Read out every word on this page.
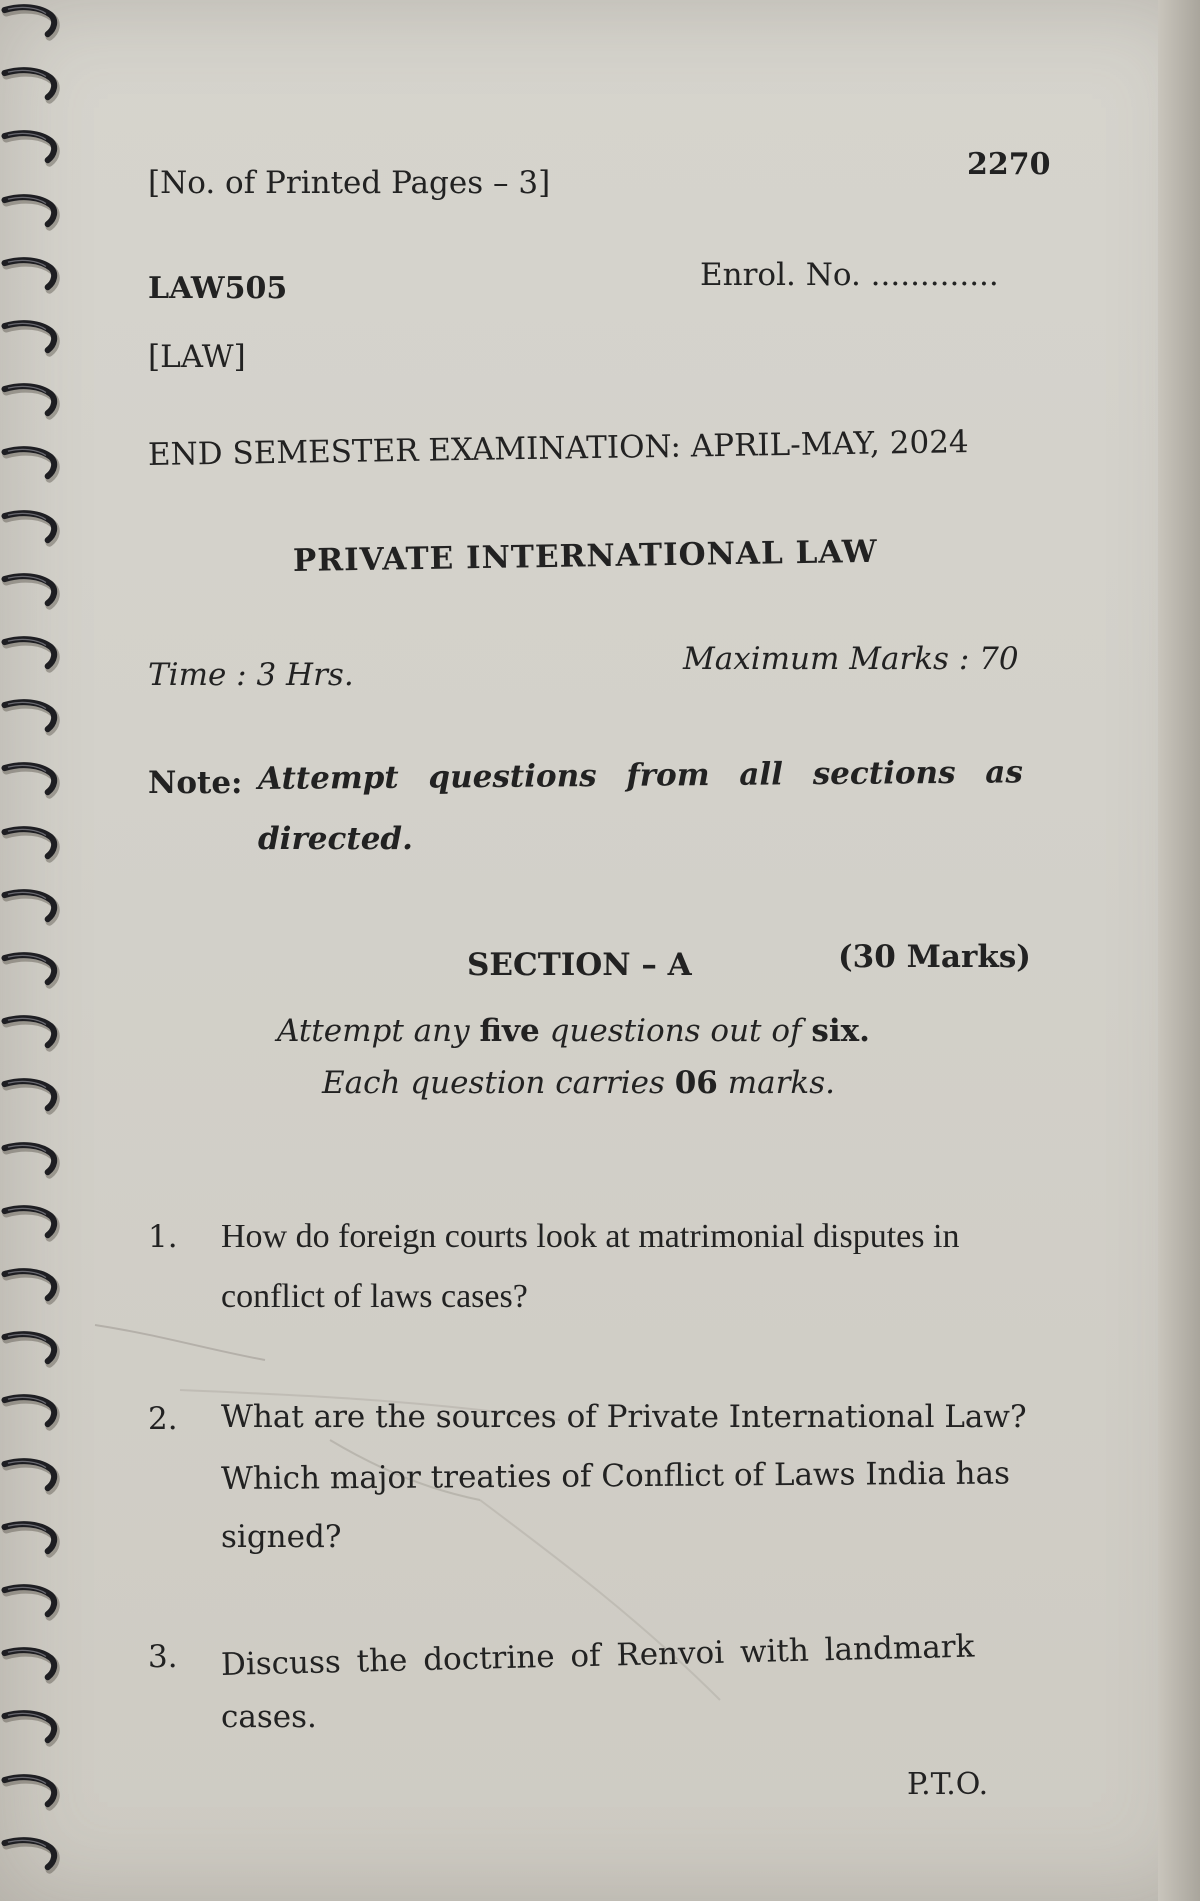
[No. of Printed Pages – 3]
2270
LAW505	Enrol. No. .............
[LAW]
END SEMESTER EXAMINATION: APRIL-MAY, 2024
PRIVATE INTERNATIONAL LAW
Time : 3 Hrs.	Maximum Marks : 70
Note: Attempt questions from all sections as
directed.
SECTION – A	(30 Marks)
Attempt any five questions out of six.
Each question carries 06 marks.
1. How do foreign courts look at matrimonial disputes in
conflict of laws cases?
2. What are the sources of Private International Law?
Which major treaties of Conflict of Laws India has
signed?
3. Discuss the doctrine of Renvoi with landmark
cases.
P.T.O.
